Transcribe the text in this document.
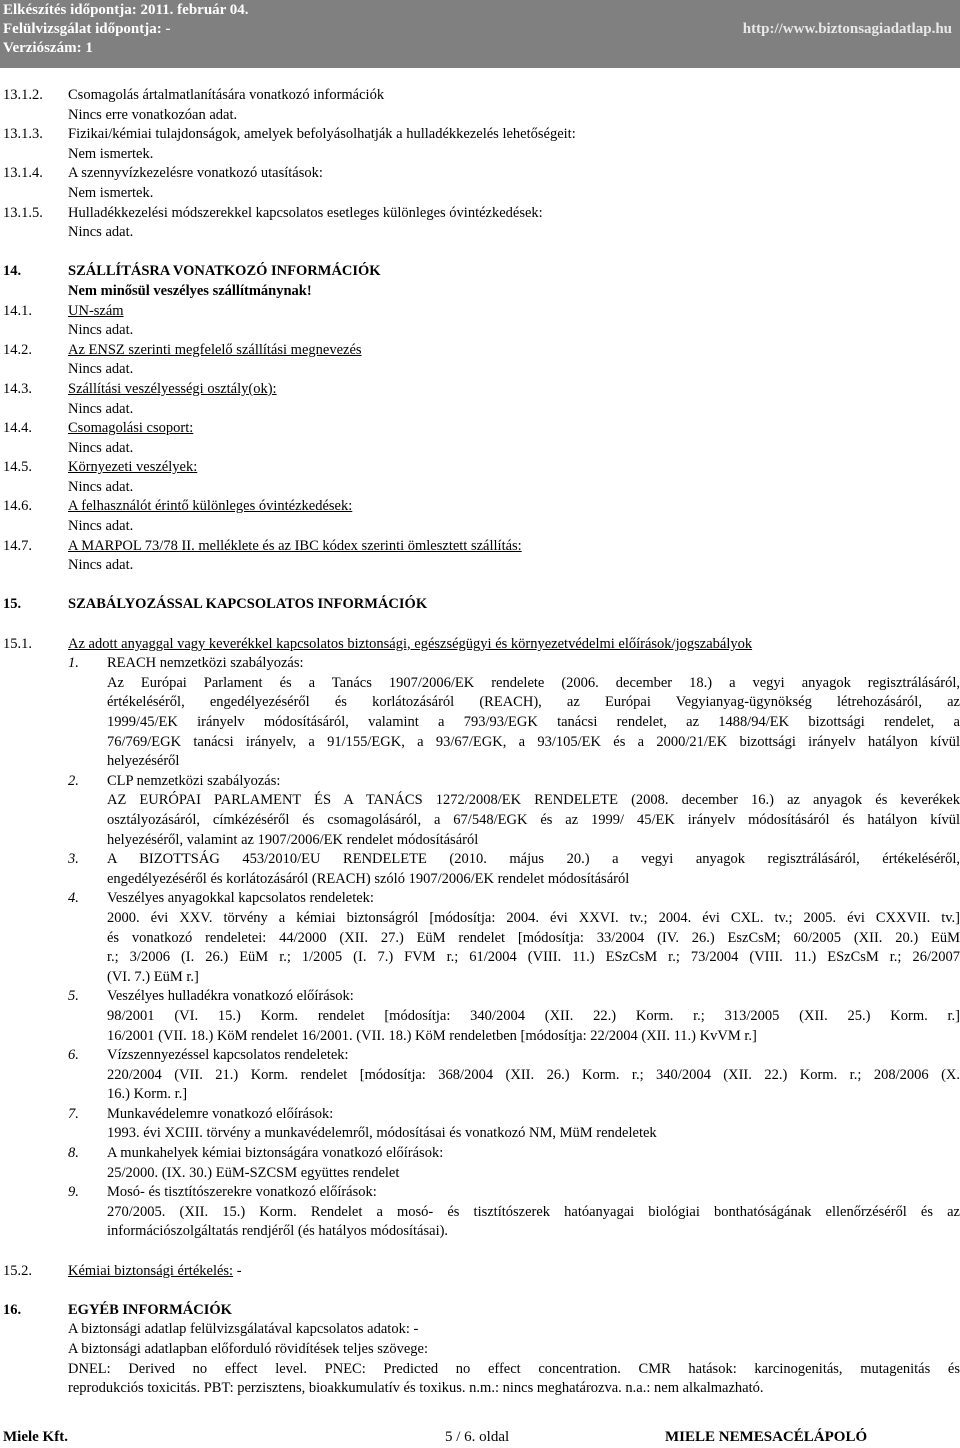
Elkészítés időpontja: 2011. február 04.
Felülvizsgálat időpontja: -
Verziószám: 1
http://www.biztonsagiadatlap.hu
13.1.2. Csomagolás ártalmatlanítására vonatkozó információk
Nincs erre vonatkozóan adat.
13.1.3. Fizikai/kémiai tulajdonságok, amelyek befolyásolhatják a hulladékkezelés lehetőségeit:
Nem ismertek.
13.1.4. A szennyvízkezelésre vonatkozó utasítások:
Nem ismertek.
13.1.5. Hulladékkezelési módszerekkel kapcsolatos esetleges különleges óvintézkedések:
Nincs adat.
14.	SZÁLLÍTÁSRA VONATKOZÓ INFORMÁCIÓK
Nem minősül veszélyes szállítmánynak!
14.1. UN-szám
Nincs adat.
14.2. Az ENSZ szerinti megfelelő szállítási megnevezés
Nincs adat.
14.3. Szállítási veszélyességi osztály(ok):
Nincs adat.
14.4. Csomagolási csoport:
Nincs adat.
14.5. Környezeti veszélyek:
Nincs adat.
14.6. A felhasználót érintő különleges óvintézkedések:
Nincs adat.
14.7. A MARPOL 73/78 II. melléklete és az IBC kódex szerinti ömlesztett szállítás:
Nincs adat.
15.	SZABÁLYOZÁSSAL KAPCSOLATOS INFORMÁCIÓK
15.1. Az adott anyaggal vagy keverékkel kapcsolatos biztonsági, egészségügyi és környezetvédelmi előírások/jogszabályok
1. REACH nemzetközi szabályozás:
Az Európai Parlament és a Tanács 1907/2006/EK rendelete (2006. december 18.) a vegyi anyagok regisztrálásáról,
értékeléséről, engedélyezéséről és korlátozásáról (REACH), az Európai Vegyianyag-ügynökség létrehozásáról, az
1999/45/EK irányelv módosításáról, valamint a 793/93/EGK tanácsi rendelet, az 1488/94/EK bizottsági rendelet, a
76/769/EGK tanácsi irányelv, a 91/155/EGK, a 93/67/EGK, a 93/105/EK és a 2000/21/EK bizottsági irányelv hatályon kívül
helyezéséről
2. CLP nemzetközi szabályozás:
AZ EURÓPAI PARLAMENT ÉS A TANÁCS 1272/2008/EK RENDELETE (2008. december 16.) az anyagok és keverékek
osztályozásáról, címkézéséről és csomagolásáról, a 67/548/EGK és az 1999/ 45/EK irányelv módosításáról és hatályon kívül
helyezéséről, valamint az 1907/2006/EK rendelet módosításáról
3. A BIZOTTSÁG 453/2010/EU RENDELETE (2010. május 20.) a vegyi anyagok regisztrálásáról, értékeléséről,
engedélyezéséről és korlátozásáról (REACH) szóló 1907/2006/EK rendelet módosításáról
4. Veszélyes anyagokkal kapcsolatos rendeletek:
2000. évi XXV. törvény a kémiai biztonságról [módosítja: 2004. évi XXVI. tv.; 2004. évi CXL. tv.; 2005. évi CXXVII. tv.]
és vonatkozó rendeletei: 44/2000 (XII. 27.) EüM rendelet [módosítja: 33/2004 (IV. 26.) EszCsM; 60/2005 (XII. 20.) EüM
r.; 3/2006 (I. 26.) EüM r.; 1/2005 (I. 7.) FVM r.; 61/2004 (VIII. 11.) ESzCsM r.; 73/2004 (VIII. 11.) ESzCsM r.; 26/2007
(VI. 7.) EüM r.]
5. Veszélyes hulladékra vonatkozó előírások:
98/2001 (VI. 15.) Korm. rendelet [módosítja: 340/2004 (XII. 22.) Korm. r.; 313/2005 (XII. 25.) Korm. r.]
16/2001 (VII. 18.) KöM rendelet 16/2001. (VII. 18.) KöM rendeletben [módosítja: 22/2004 (XII. 11.) KvVM r.]
6. Vízszennyezéssel kapcsolatos rendeletek:
220/2004 (VII. 21.) Korm. rendelet [módosítja: 368/2004 (XII. 26.) Korm. r.; 340/2004 (XII. 22.) Korm. r.; 208/2006 (X.
16.) Korm. r.]
7. Munkavédelemre vonatkozó előírások:
1993. évi XCIII. törvény a munkavédelemről, módosításai és vonatkozó NM, MüM rendeletek
8. A munkahelyek kémiai biztonságára vonatkozó előírások:
25/2000. (IX. 30.) EüM-SZCSM együttes rendelet
9. Mosó- és tisztítószerekre vonatkozó előírások:
270/2005. (XII. 15.) Korm. Rendelet a mosó- és tisztítószerek hatóanyagai biológiai bonthatóságának ellenőrzéséről és az
információszolgáltatás rendjéről (és hatályos módosításai).
15.2. Kémiai biztonsági értékelés: -
16.	EGYÉB INFORMÁCIÓK
A biztonsági adatlap felülvizsgálatával kapcsolatos adatok: -
A biztonsági adatlapban előforduló rövidítések teljes szövege:
DNEL: Derived no effect level. PNEC: Predicted no effect concentration. CMR hatások: karcinogenitás, mutagenitás és
reprodukciós toxicitás. PBT: perzisztens, bioakkumulatív és toxikus. n.m.: nincs meghatározva. n.a.: nem alkalmazható.
Miele Kft.	5 / 6. oldal	MIELE NEMESACÉLÁPOLÓ
